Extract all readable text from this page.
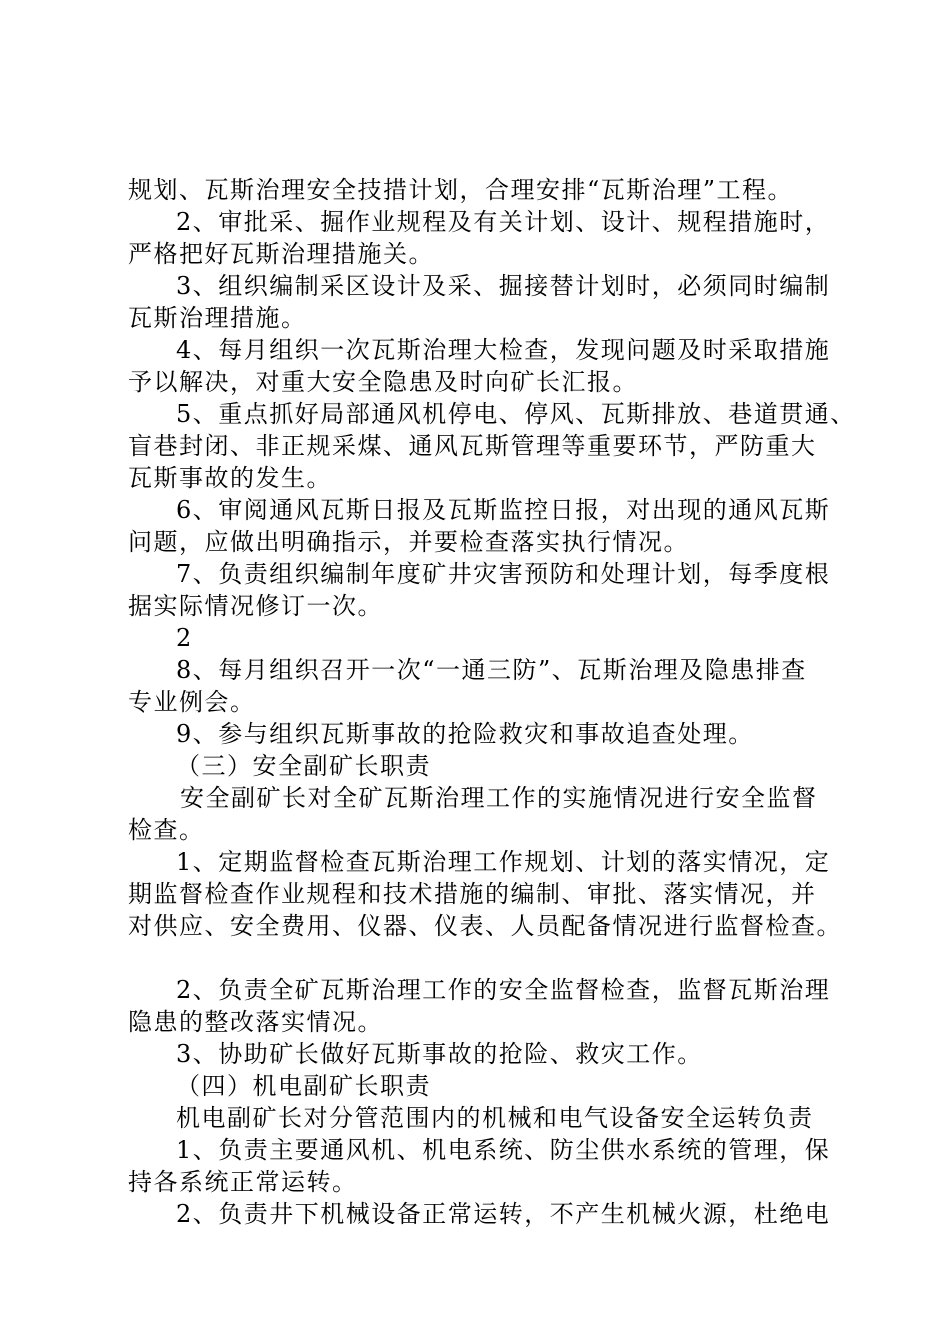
规划、瓦斯治理安全技措计划，合理安排“瓦斯治理”工程。
2、审批采、掘作业规程及有关计划、设计、规程措施时，
严格把好瓦斯治理措施关。
3、组织编制采区设计及采、掘接替计划时，必须同时编制
瓦斯治理措施。
4、每月组织一次瓦斯治理大检查，发现问题及时采取措施
予以解决，对重大安全隐患及时向矿长汇报。
5、重点抓好局部通风机停电、停风、瓦斯排放、巷道贯通、
盲巷封闭、非正规采煤、通风瓦斯管理等重要环节，严防重大
瓦斯事故的发生。
6、审阅通风瓦斯日报及瓦斯监控日报，对出现的通风瓦斯
问题，应做出明确指示，并要检查落实执行情况。
7、负责组织编制年度矿井灾害预防和处理计划，每季度根
据实际情况修订一次。
2
8、每月组织召开一次“一通三防”、瓦斯治理及隐患排查
专业例会。
9、参与组织瓦斯事故的抢险救灾和事故追查处理。
（三）安全副矿长职责
安全副矿长对全矿瓦斯治理工作的实施情况进行安全监督
检查。
1、定期监督检查瓦斯治理工作规划、计划的落实情况，定
期监督检查作业规程和技术措施的编制、审批、落实情况，并
对供应、安全费用、仪器、仪表、人员配备情况进行监督检查。
2、负责全矿瓦斯治理工作的安全监督检查，监督瓦斯治理
隐患的整改落实情况。
3、协助矿长做好瓦斯事故的抢险、救灾工作。
（四）机电副矿长职责
机电副矿长对分管范围内的机械和电气设备安全运转负责
1、负责主要通风机、机电系统、防尘供水系统的管理，保
持各系统正常运转。
2、负责井下机械设备正常运转，不产生机械火源，杜绝电
